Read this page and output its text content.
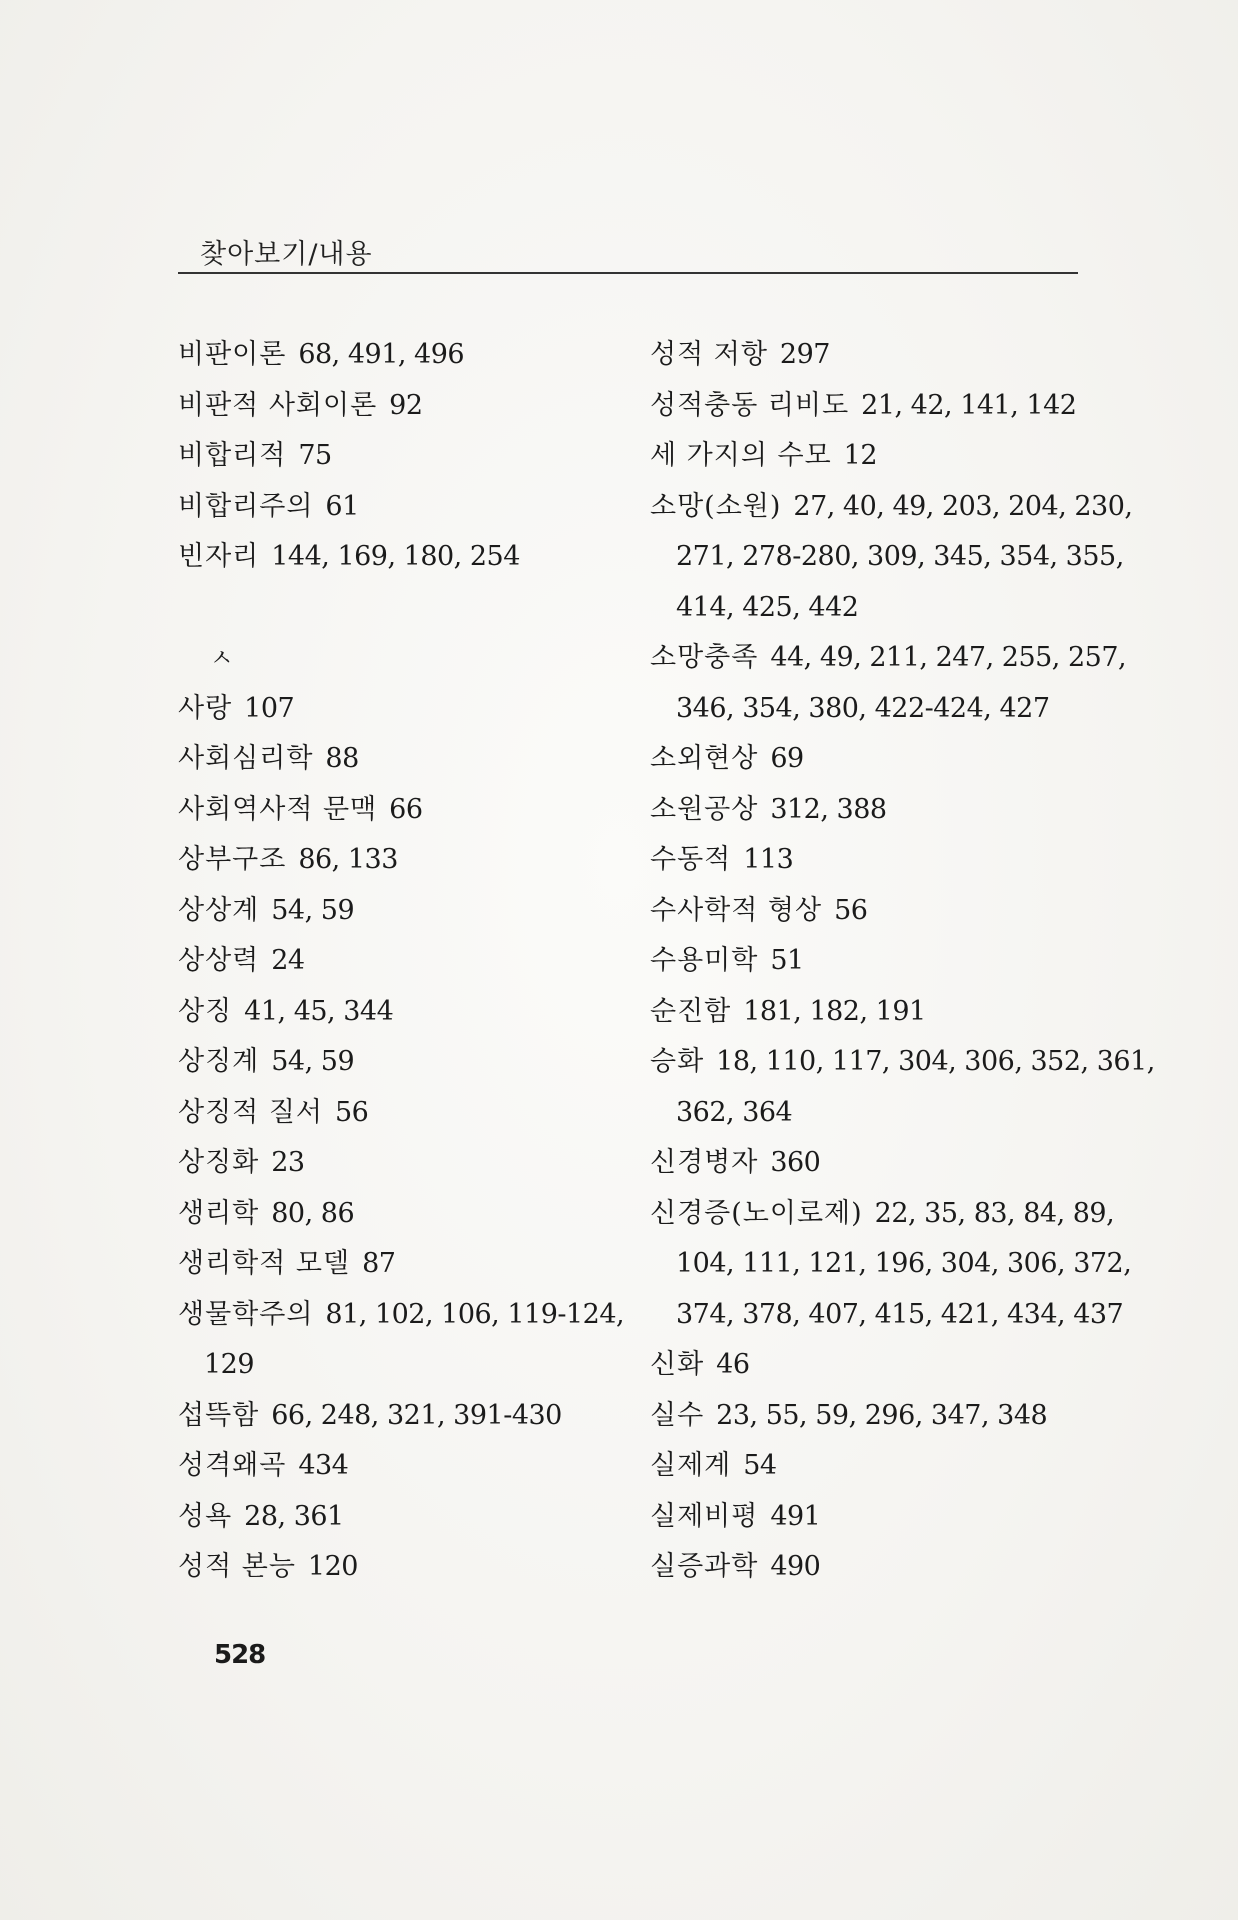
찾아보기/내용
비판이론 68, 491, 496
비판적 사회이론 92
비합리적 75
비합리주의 61
빈자리 144, 169, 180, 254
ㅅ
사랑 107
사회심리학 88
사회역사적 문맥 66
상부구조 86, 133
상상계 54, 59
상상력 24
상징 41, 45, 344
상징계 54, 59
상징적 질서 56
상징화 23
생리학 80, 86
생리학적 모델 87
생물학주의 81, 102, 106, 119-124,
129
섭뜩함 66, 248, 321, 391-430
성격왜곡 434
성욕 28, 361
성적 본능 120
성적 저항 297
성적충동 리비도 21, 42, 141, 142
세 가지의 수모 12
소망(소원) 27, 40, 49, 203, 204, 230,
271, 278-280, 309, 345, 354, 355,
414, 425, 442
소망충족 44, 49, 211, 247, 255, 257,
346, 354, 380, 422-424, 427
소외현상 69
소원공상 312, 388
수동적 113
수사학적 형상 56
수용미학 51
순진함 181, 182, 191
승화 18, 110, 117, 304, 306, 352, 361,
362, 364
신경병자 360
신경증(노이로제) 22, 35, 83, 84, 89,
104, 111, 121, 196, 304, 306, 372,
374, 378, 407, 415, 421, 434, 437
신화 46
실수 23, 55, 59, 296, 347, 348
실제계 54
실제비평 491
실증과학 490
528
